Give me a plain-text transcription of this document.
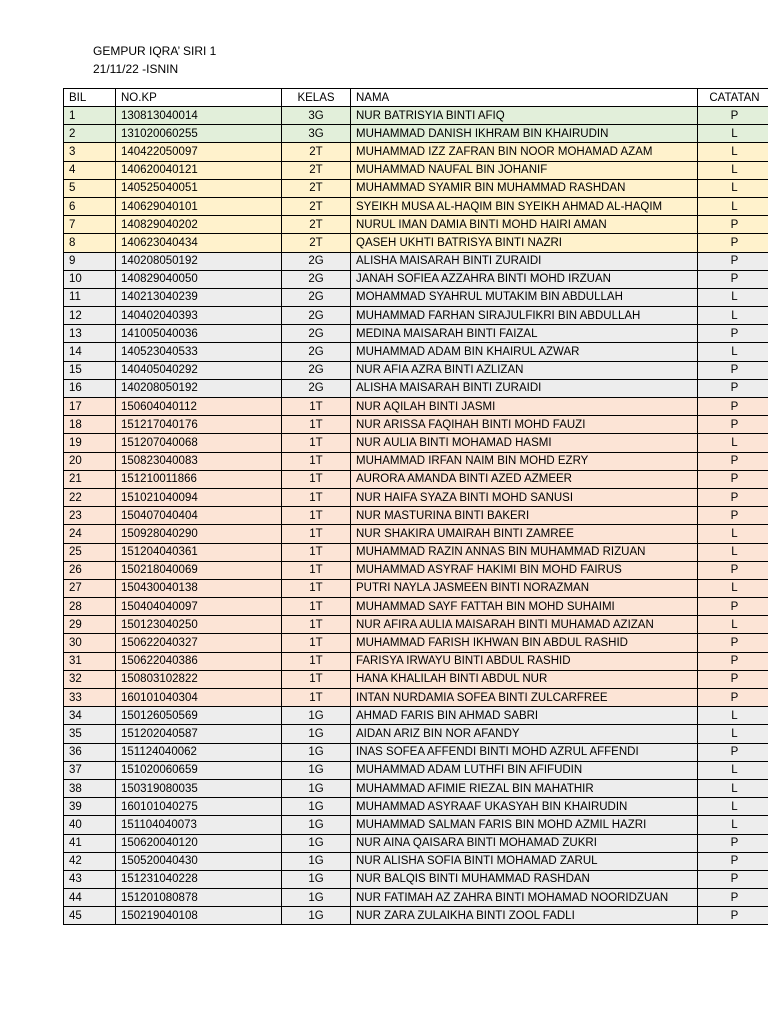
GEMPUR IQRA’ SIRI 1
21/11/22 -ISNIN
BIL	NO.KP	KELAS	NAMA	CATATAN
1	130813040014	3G	NUR BATRISYIA BINTI AFIQ	P
2	131020060255	3G	MUHAMMAD DANISH IKHRAM BIN KHAIRUDIN	L
3	140422050097	2T	MUHAMMAD IZZ ZAFRAN BIN NOOR MOHAMAD AZAM	L
4	140620040121	2T	MUHAMMAD NAUFAL BIN JOHANIF	L
5	140525040051	2T	MUHAMMAD SYAMIR BIN MUHAMMAD RASHDAN	L
6	140629040101	2T	SYEIKH MUSA AL-HAQIM BIN SYEIKH AHMAD AL-HAQIM	L
7	140829040202	2T	NURUL IMAN DAMIA BINTI MOHD HAIRI AMAN	P
8	140623040434	2T	QASEH UKHTI BATRISYA BINTI NAZRI	P
9	140208050192	2G	ALISHA MAISARAH BINTI ZURAIDI	P
10	140829040050	2G	JANAH SOFIEA AZZAHRA BINTI MOHD IRZUAN	P
11	140213040239	2G	MOHAMMAD SYAHRUL MUTAKIM BIN ABDULLAH	L
12	140402040393	2G	MUHAMMAD FARHAN SIRAJULFIKRI BIN ABDULLAH	L
13	141005040036	2G	MEDINA MAISARAH BINTI FAIZAL	P
14	140523040533	2G	MUHAMMAD ADAM BIN KHAIRUL AZWAR	L
15	140405040292	2G	NUR AFIA AZRA BINTI AZLIZAN	P
16	140208050192	2G	ALISHA MAISARAH BINTI ZURAIDI	P
17	150604040112	1T	NUR AQILAH BINTI JASMI	P
18	151217040176	1T	NUR ARISSA FAQIHAH BINTI MOHD FAUZI	P
19	151207040068	1T	NUR AULIA BINTI MOHAMAD HASMI	L
20	150823040083	1T	MUHAMMAD IRFAN NAIM BIN MOHD EZRY	P
21	151210011866	1T	AURORA AMANDA BINTI AZED AZMEER	P
22	151021040094	1T	NUR HAIFA SYAZA BINTI MOHD SANUSI	P
23	150407040404	1T	NUR MASTURINA BINTI BAKERI	P
24	150928040290	1T	NUR SHAKIRA UMAIRAH BINTI ZAMREE	L
25	151204040361	1T	MUHAMMAD RAZIN ANNAS BIN MUHAMMAD RIZUAN	L
26	150218040069	1T	MUHAMMAD ASYRAF HAKIMI BIN MOHD FAIRUS	P
27	150430040138	1T	PUTRI NAYLA JASMEEN BINTI NORAZMAN	L
28	150404040097	1T	MUHAMMAD SAYF FATTAH BIN MOHD SUHAIMI	P
29	150123040250	1T	NUR AFIRA AULIA MAISARAH BINTI MUHAMAD AZIZAN	L
30	150622040327	1T	MUHAMMAD FARISH IKHWAN BIN ABDUL RASHID	P
31	150622040386	1T	FARISYA IRWAYU BINTI ABDUL RASHID	P
32	150803102822	1T	HANA KHALILAH BINTI ABDUL NUR	P
33	160101040304	1T	INTAN NURDAMIA SOFEA BINTI ZULCARFREE	P
34	150126050569	1G	AHMAD FARIS BIN AHMAD SABRI	L
35	151202040587	1G	AIDAN ARIZ BIN NOR AFANDY	L
36	151124040062	1G	INAS SOFEA AFFENDI BINTI MOHD AZRUL AFFENDI	P
37	151020060659	1G	MUHAMMAD ADAM LUTHFI BIN AFIFUDIN	L
38	150319080035	1G	MUHAMMAD AFIMIE RIEZAL BIN MAHATHIR	L
39	160101040275	1G	MUHAMMAD ASYRAAF UKASYAH BIN KHAIRUDIN	L
40	151104040073	1G	MUHAMMAD SALMAN FARIS BIN MOHD AZMIL HAZRI	L
41	150620040120	1G	NUR AINA QAISARA BINTI MOHAMAD ZUKRI	P
42	150520040430	1G	NUR ALISHA SOFIA BINTI MOHAMAD ZARUL	P
43	151231040228	1G	NUR BALQIS BINTI MUHAMMAD RASHDAN	P
44	151201080878	1G	NUR FATIMAH AZ ZAHRA BINTI MOHAMAD NOORIDZUAN	P
45	150219040108	1G	NUR ZARA ZULAIKHA BINTI ZOOL FADLI	P
